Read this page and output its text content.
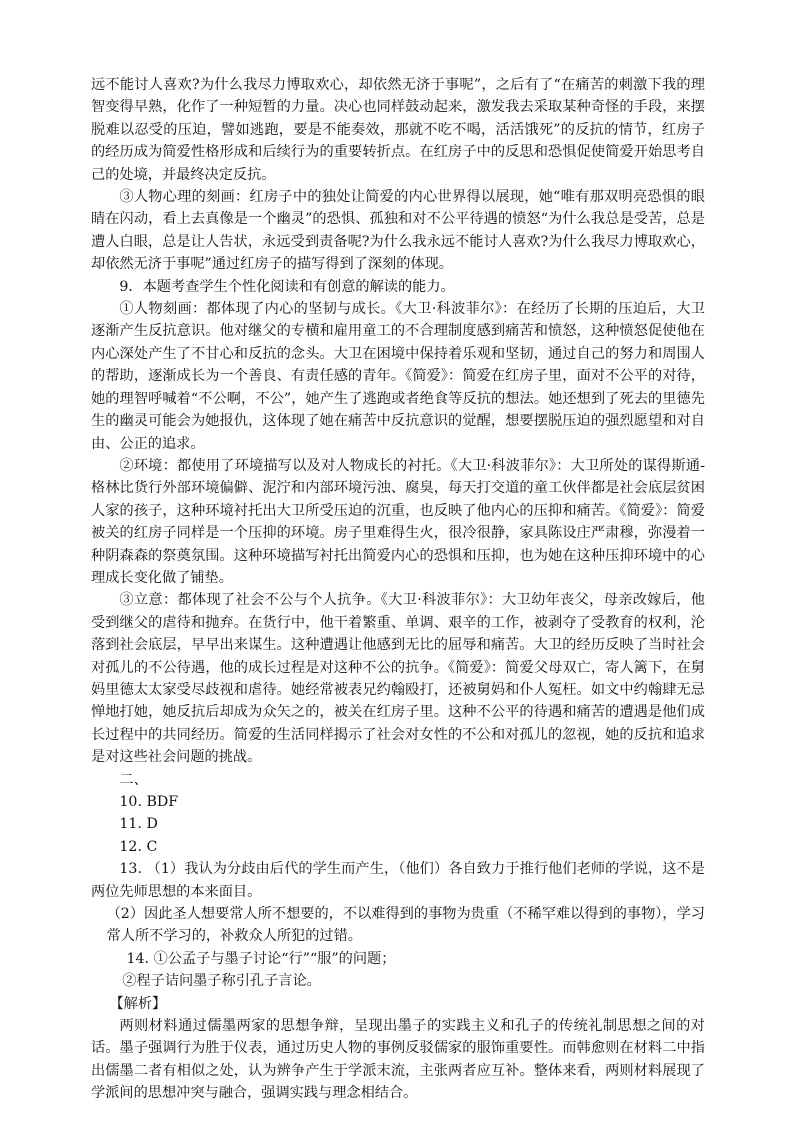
远不能讨人喜欢?为什么我尽力博取欢心，却依然无济于事呢”，之后有了“在痛苦的刺激下我的理智变得早熟，化作了一种短暂的力量。决心也同样鼓动起来，激发我去采取某种奇怪的手段，来摆脱难以忍受的压迫，譬如逃跑，要是不能奏效，那就不吃不喝，活活饿死”的反抗的情节，红房子的经历成为简爱性格形成和后续行为的重要转折点。在红房子中的反思和恐惧促使简爱开始思考自己的处境，并最终决定反抗。

③人物心理的刻画：红房子中的独处让简爱的内心世界得以展现，她“唯有那双明亮恐惧的眼睛在闪动，看上去真像是一个幽灵”的恐惧、孤独和对不公平待遇的愤怒“为什么我总是受苦，总是遭人白眼，总是让人告状，永远受到责备呢?为什么我永远不能讨人喜欢?为什么我尽力博取欢心，却依然无济于事呢”通过红房子的描写得到了深刻的体现。

9．本题考查学生个性化阅读和有创意的解读的能力。

①人物刻画：都体现了内心的坚韧与成长。《大卫·科波菲尔》：在经历了长期的压迫后，大卫逐渐产生反抗意识。他对继父的专横和雇用童工的不合理制度感到痛苦和愤怒，这种愤怒促使他在内心深处产生了不甘心和反抗的念头。大卫在困境中保持着乐观和坚韧，通过自己的努力和周围人的帮助，逐渐成长为一个善良、有责任感的青年。《简爱》：简爱在红房子里，面对不公平的对待，她的理智呼喊着“不公啊，不公”，她产生了逃跑或者绝食等反抗的想法。她还想到了死去的里德先生的幽灵可能会为她报仇，这体现了她在痛苦中反抗意识的觉醒，想要摆脱压迫的强烈愿望和对自由、公正的追求。

②环境：都使用了环境描写以及对人物成长的衬托。《大卫·科波菲尔》：大卫所处的谋得斯通-格林比货行外部环境偏僻、泥泞和内部环境污浊、腐臭，每天打交道的童工伙伴都是社会底层贫困人家的孩子，这种环境衬托出大卫所受压迫的沉重，也反映了他内心的压抑和痛苦。《简爱》：简爱被关的红房子同样是一个压抑的环境。房子里难得生火，很冷很静，家具陈设庄严肃穆，弥漫着一种阴森森的祭奠氛围。这种环境描写衬托出简爱内心的恐惧和压抑，也为她在这种压抑环境中的心理成长变化做了铺垫。

③立意：都体现了社会不公与个人抗争。《大卫·科波菲尔》：大卫幼年丧父，母亲改嫁后，他受到继父的虐待和抛弃。在货行中，他干着繁重、单调、艰辛的工作，被剥夺了受教育的权利，沦落到社会底层，早早出来谋生。这种遭遇让他感到无比的屈辱和痛苦。大卫的经历反映了当时社会对孤儿的不公待遇，他的成长过程是对这种不公的抗争。《简爱》：简爱父母双亡，寄人篱下，在舅妈里德太太家受尽歧视和虐待。她经常被表兄约翰殴打，还被舅妈和仆人冤枉。如文中约翰肆无忌惮地打她，她反抗后却成为众矢之的，被关在红房子里。这种不公平的待遇和痛苦的遭遇是他们成长过程中的共同经历。简爱的生活同样揭示了社会对女性的不公和对孤儿的忽视，她的反抗和追求是对这些社会问题的挑战。

二、

10. BDF

11. D

12. C

13. （1）我认为分歧由后代的学生而产生，（他们）各自致力于推行他们老师的学说，这不是两位先师思想的本来面目。

（2）因此圣人想要常人所不想要的，不以难得到的事物为贵重（不稀罕难以得到的事物），学习常人所不学习的，补救众人所犯的过错。

14. ①公孟子与墨子讨论“行”“服”的问题；

②程子诘问墨子称引孔子言论。

【解析】

两则材料通过儒墨两家的思想争辩，呈现出墨子的实践主义和孔子的传统礼制思想之间的对话。墨子强调行为胜于仪表，通过历史人物的事例反驳儒家的服饰重要性。而韩愈则在材料二中指出儒墨二者有相似之处，认为辨争产生于学派末流，主张两者应互补。整体来看，两则材料展现了学派间的思想冲突与融合，强调实践与理念相结合。
